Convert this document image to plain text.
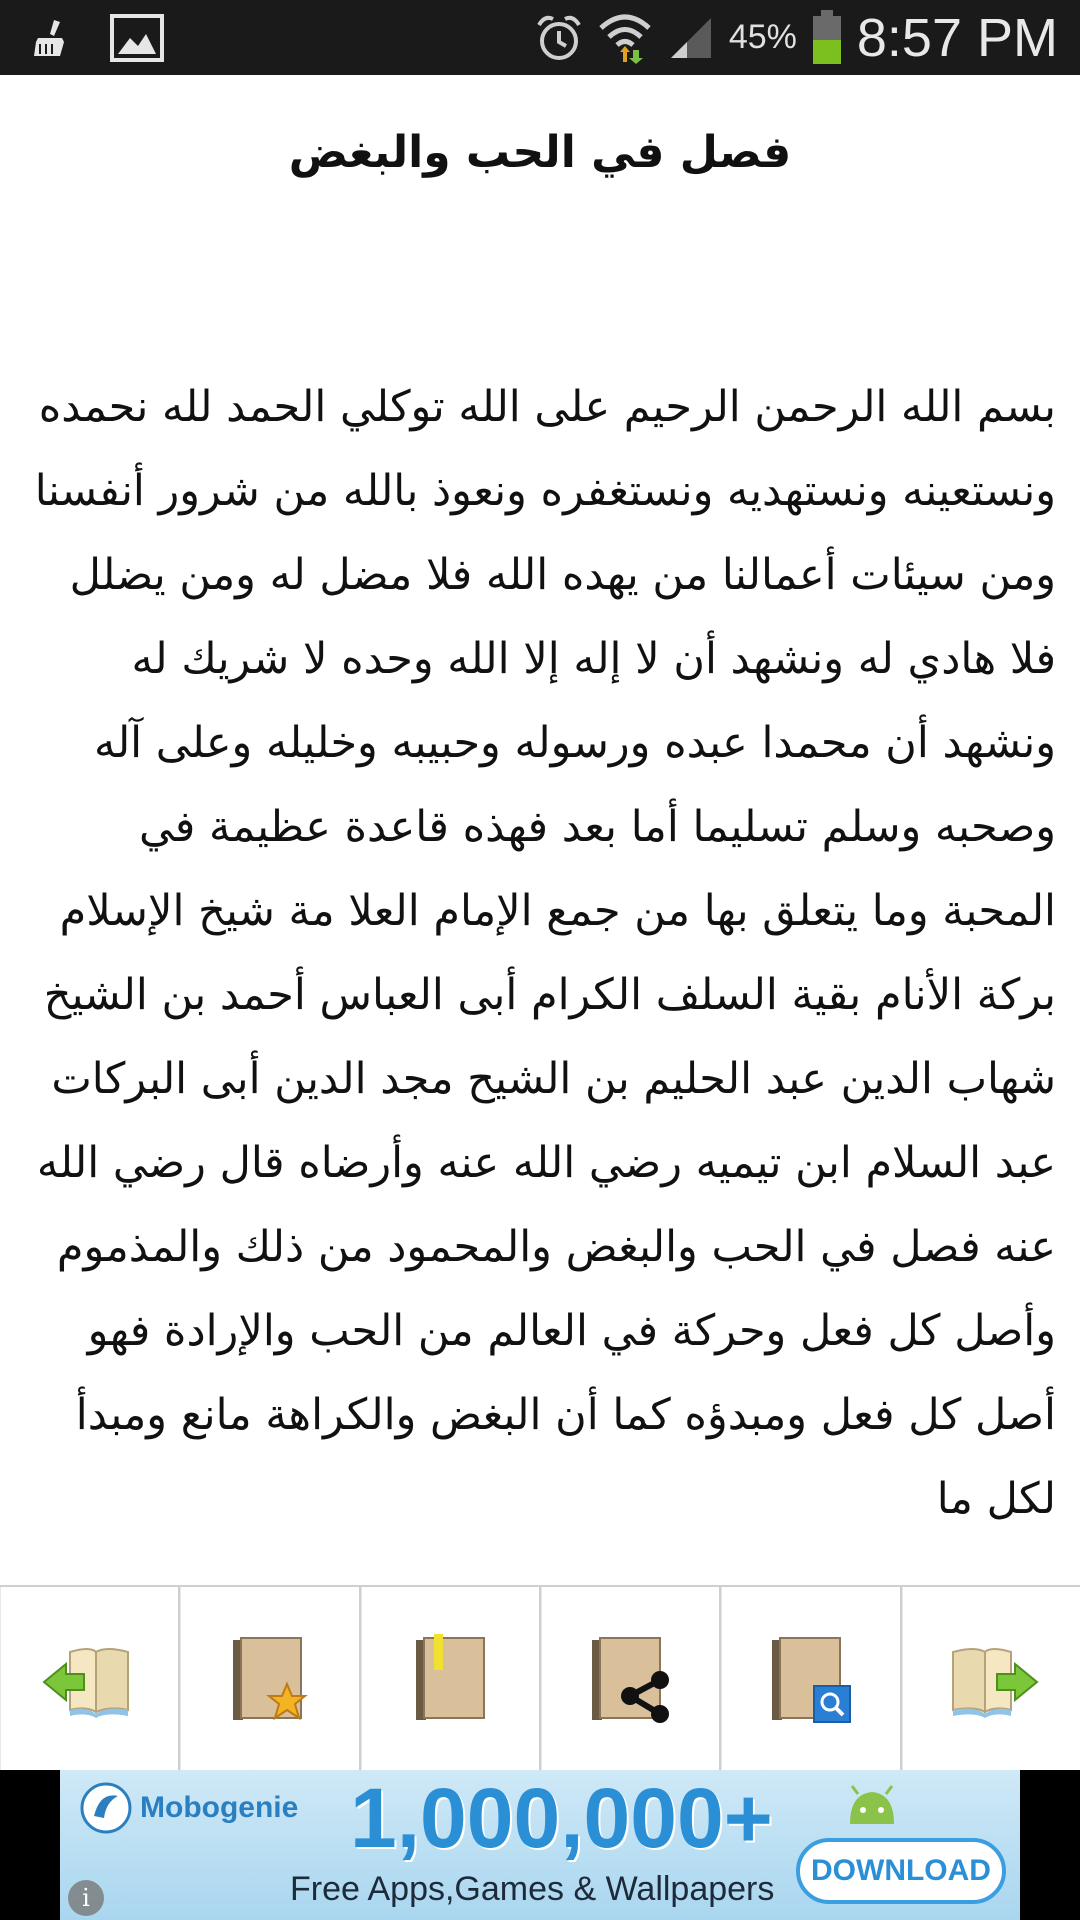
45% 8:57 PM
فصل في الحب والبغض
بسم الله الرحمن الرحيم على الله توكلي الحمد لله نحمده ونستعينه ونستهديه ونستغفره ونعوذ بالله من شرور أنفسنا ومن سيئات أعمالنا من يهده الله فلا مضل له ومن يضلل فلا هادي له ونشهد أن لا إله إلا الله وحده لا شريك له ونشهد أن محمدا عبده ورسوله وحبيبه وخليله وعلى آله وصحبه وسلم تسليما أما بعد فهذه قاعدة عظيمة في المحبة وما يتعلق بها من جمع الإمام العلا مة شيخ الإسلام بركة الأنام بقية السلف الكرام أبى العباس أحمد بن الشيخ شهاب الدين عبد الحليم بن الشيح مجد الدين أبى البركات عبد السلام ابن تيميه رضي الله عنه وأرضاه قال رضي الله عنه فصل في الحب والبغض والمحمود من ذلك والمذموم وأصل كل فعل وحركة في العالم من الحب والإرادة فهو أصل كل فعل ومبدؤه كما أن البغض والكراهة مانع ومبدأ لكل ما
Mobogenie 1,000,000+
DOWNLOAD
Free Apps,Games & Wallpapers
i
